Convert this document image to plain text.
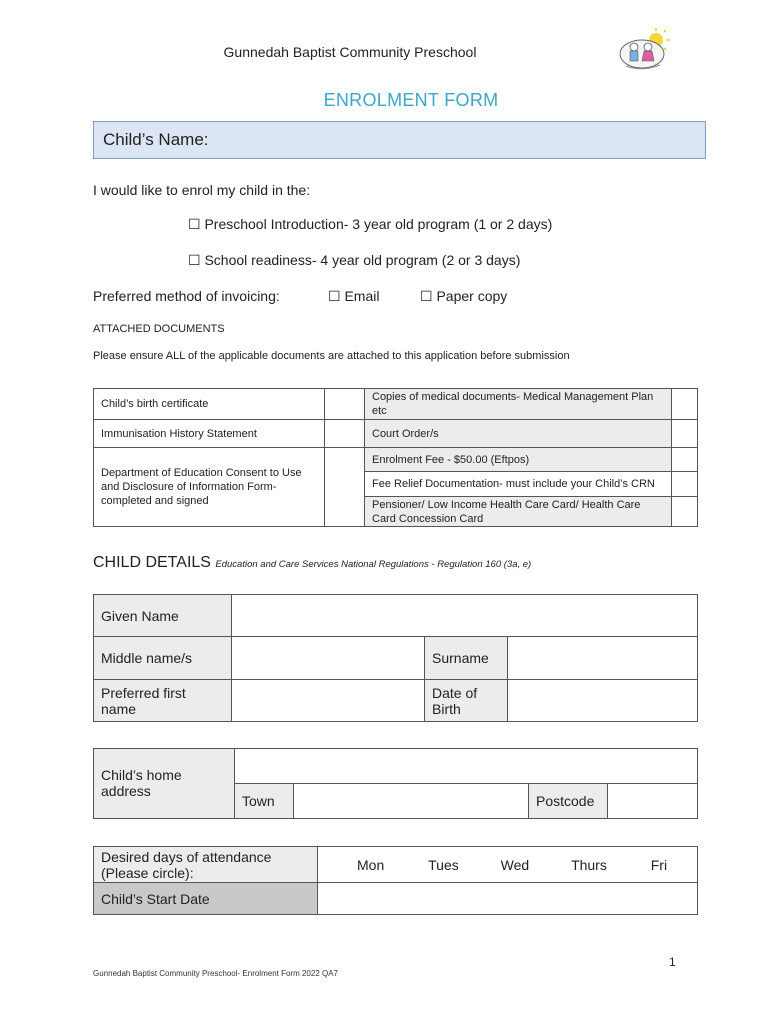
Gunnedah Baptist Community Preschool
ENROLMENT FORM
Child’s Name:
I would like to enrol my child in the:
☐ Preschool Introduction- 3 year old program (1 or 2 days)
☐ School readiness- 4 year old program (2 or 3 days)
Preferred method of invoicing:	☐ Email	☐ Paper copy
ATTACHED DOCUMENTS
Please ensure ALL of the applicable documents are attached to this application before submission
Child’s birth certificate		Copies of medical documents- Medical Management Plan etc	
Immunisation History Statement		Court Order/s	
Department of Education Consent to Use and Disclosure of Information Form- completed and signed		Enrolment Fee - $50.00 (Eftpos)	
		Fee Relief Documentation- must include your Child’s CRN	
		Pensioner/ Low Income Health Care Card/ Health Care Card Concession Card	
CHILD DETAILS Education and Care Services National Regulations - Regulation 160 (3a, e)
Given Name			
Middle name/s		Surname	
Preferred first name		Date of Birth	
Child’s home address				
	Town		Postcode	
Desired days of attendance (Please circle):	Mon Tues Wed Thurs Fri
Child’s Start Date	
1
Gunnedah Baptist Community Preschool- Enrolment Form 2022 QA7
